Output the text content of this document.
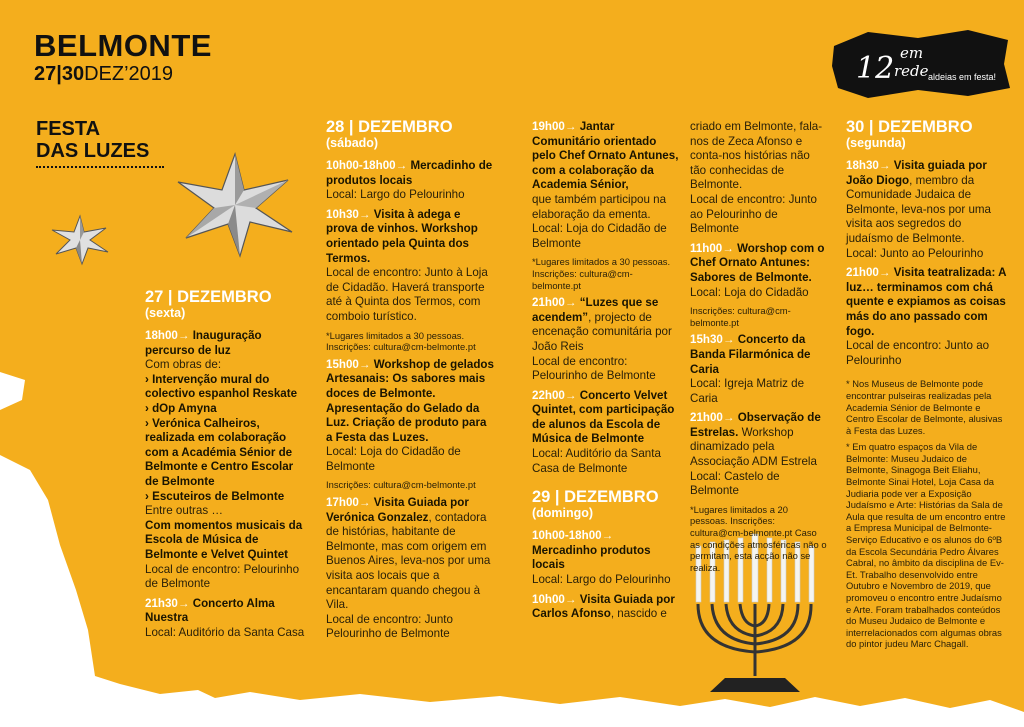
BELMONTE
27|30DEZ’2019
FESTA
DAS LUZES
12 em
rede aldeias em festa!
27 | DEZEMBRO
(sexta)

18h00→ Inauguração percurso de luz
Com obras de:
› Intervenção mural do colectivo espanhol Reskate
› dOp Amyna
› Verónica Calheiros, realizada em colaboração com a Académia Sénior de Belmonte e Centro Escolar de Belmonte
› Escuteiros de Belmonte
Entre outras …
Com momentos musicais da Escola de Música de Belmonte e Velvet Quintet
Local de encontro: Pelourinho de Belmonte

21h30→ Concerto Alma Nuestra
Local: Auditório da Santa Casa

28 | DEZEMBRO
(sábado)

10h00-18h00→ Mercadinho de produtos locais
Local: Largo do Pelourinho

10h30→ Visita à adega e prova de vinhos. Workshop orientado pela Quinta dos Termos.
Local de encontro: Junto à Loja de Cidadão. Haverá transporte até à Quinta dos Termos, com comboio turístico.

*Lugares limitados a 30 pessoas. Inscrições: cultura@cm-belmonte.pt

15h00→ Workshop de gelados Artesanais: Os sabores mais doces de Belmonte. Apresentação do Gelado da Luz. Criação de produto para a Festa das Luzes.
Local: Loja do Cidadão de Belmonte

Inscrições: cultura@cm-belmonte.pt

17h00→ Visita Guiada por Verónica Gonzalez, contadora de histórias, habitante de Belmonte, mas com origem em Buenos Aires, leva-nos por uma visita aos locais que a encantaram quando chegou à Vila.
Local de encontro: Junto Pelourinho de Belmonte

19h00→ Jantar Comunitário orientado pelo Chef Ornato Antunes, com a colaboração da Academia Sénior,
que também participou na elaboração da ementa.
Local: Loja do Cidadão de Belmonte

*Lugares limitados a 30 pessoas. Inscrições: cultura@cm-belmonte.pt

21h00→ “Luzes que se acendem”, projecto de encenação comunitária por João Reis
Local de encontro: Pelourinho de Belmonte

22h00→ Concerto Velvet Quintet, com participação de alunos da Escola de Música de Belmonte
Local: Auditório da Santa Casa de Belmonte

29 | DEZEMBRO
(domingo)

10h00-18h00→ Mercadinho produtos locais
Local: Largo do Pelourinho

10h00→ Visita Guiada por Carlos Afonso, nascido e

criado em Belmonte, fala-nos de Zeca Afonso e conta-nos histórias não tão conhecidas de Belmonte.
Local de encontro: Junto ao Pelourinho de Belmonte

11h00→ Worshop com o Chef Ornato Antunes: Sabores de Belmonte.
Local: Loja do Cidadão

Inscrições: cultura@cm-belmonte.pt

15h30→ Concerto da Banda Filarmónica de Caria
Local: Igreja Matriz de Caria

21h00→ Observação de Estrelas. Workshop dinamizado pela Associação ADM Estrela
Local: Castelo de Belmonte

*Lugares limitados a 20 pessoas. Inscrições: cultura@cm-belmonte.pt Caso as condições atmosféricas não o permitam, esta acção não se realiza.

30 | DEZEMBRO
(segunda)

18h30→ Visita guiada por João Diogo, membro da Comunidade Judaica de Belmonte, leva-nos por uma visita aos segredos do judaísmo de Belmonte.
Local: Junto ao Pelourinho

21h00→ Visita teatralizada: A luz… terminamos com chá quente e expiamos as coisas más do ano passado com fogo.
Local de encontro: Junto ao Pelourinho

* Nos Museus de Belmonte pode encontrar pulseiras realizadas pela Academia Sénior de Belmonte e Centro Escolar de Belmonte, alusivas à Festa das Luzes.

* Em quatro espaços da Vila de Belmonte: Museu Judaico de Belmonte, Sinagoga Beit Eliahu, Belmonte Sinai Hotel, Loja Casa da Judiaria pode ver a Exposição Judaísmo e Arte: Histórias da Sala de Aula que resulta de um encontro entre a Empresa Municipal de Belmonte- Serviço Educativo e os alunos do 6ºB da Escola Secundária Pedro Álvares Cabral, no âmbito da disciplina de Ev-Et. Trabalho desenvolvido entre Outubro e Novembro de 2019, que promoveu o encontro entre Judaísmo e Arte. Foram trabalhados conteúdos do Museu Judaico de Belmonte e interrelacionados com algumas obras do pintor judeu Marc Chagall.
